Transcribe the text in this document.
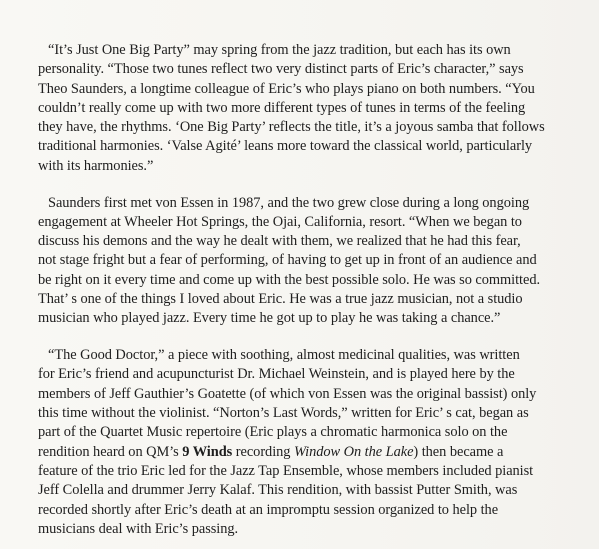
“It’s Just One Big Party” may spring from the jazz tradition, but each has its own
personality. “Those two tunes reflect two very distinct parts of Eric’s character,” says
Theo Saunders, a longtime colleague of Eric’s who plays piano on both numbers. “You
couldn’t really come up with two more different types of tunes in terms of the feeling
they have, the rhythms. ‘One Big Party’ reflects the title, it’s a joyous samba that follows
traditional harmonies. ‘Valse Agité’ leans more toward the classical world, particularly
with its harmonies.”

Saunders first met von Essen in 1987, and the two grew close during a long ongoing
engagement at Wheeler Hot Springs, the Ojai, California, resort. “When we began to
discuss his demons and the way he dealt with them, we realized that he had this fear,
not stage fright but a fear of performing, of having to get up in front of an audience and
be right on it every time and come up with the best possible solo. He was so committed.
That’ s one of the things I loved about Eric. He was a true jazz musician, not a studio
musician who played jazz. Every time he got up to play he was taking a chance.”

“The Good Doctor,” a piece with soothing, almost medicinal qualities, was written
for Eric’s friend and acupuncturist Dr. Michael Weinstein, and is played here by the
members of Jeff Gauthier’s Goatette (of which von Essen was the original bassist) only
this time without the violinist. “Norton’s Last Words,” written for Eric’ s cat, began as
part of the Quartet Music repertoire (Eric plays a chromatic harmonica solo on the
rendition heard on QM’s 9 Winds recording Window On the Lake) then became a
feature of the trio Eric led for the Jazz Tap Ensemble, whose members included pianist
Jeff Colella and drummer Jerry Kalaf. This rendition, with bassist Putter Smith, was
recorded shortly after Eric’s death at an impromptu session organized to help the
musicians deal with Eric’s passing.
